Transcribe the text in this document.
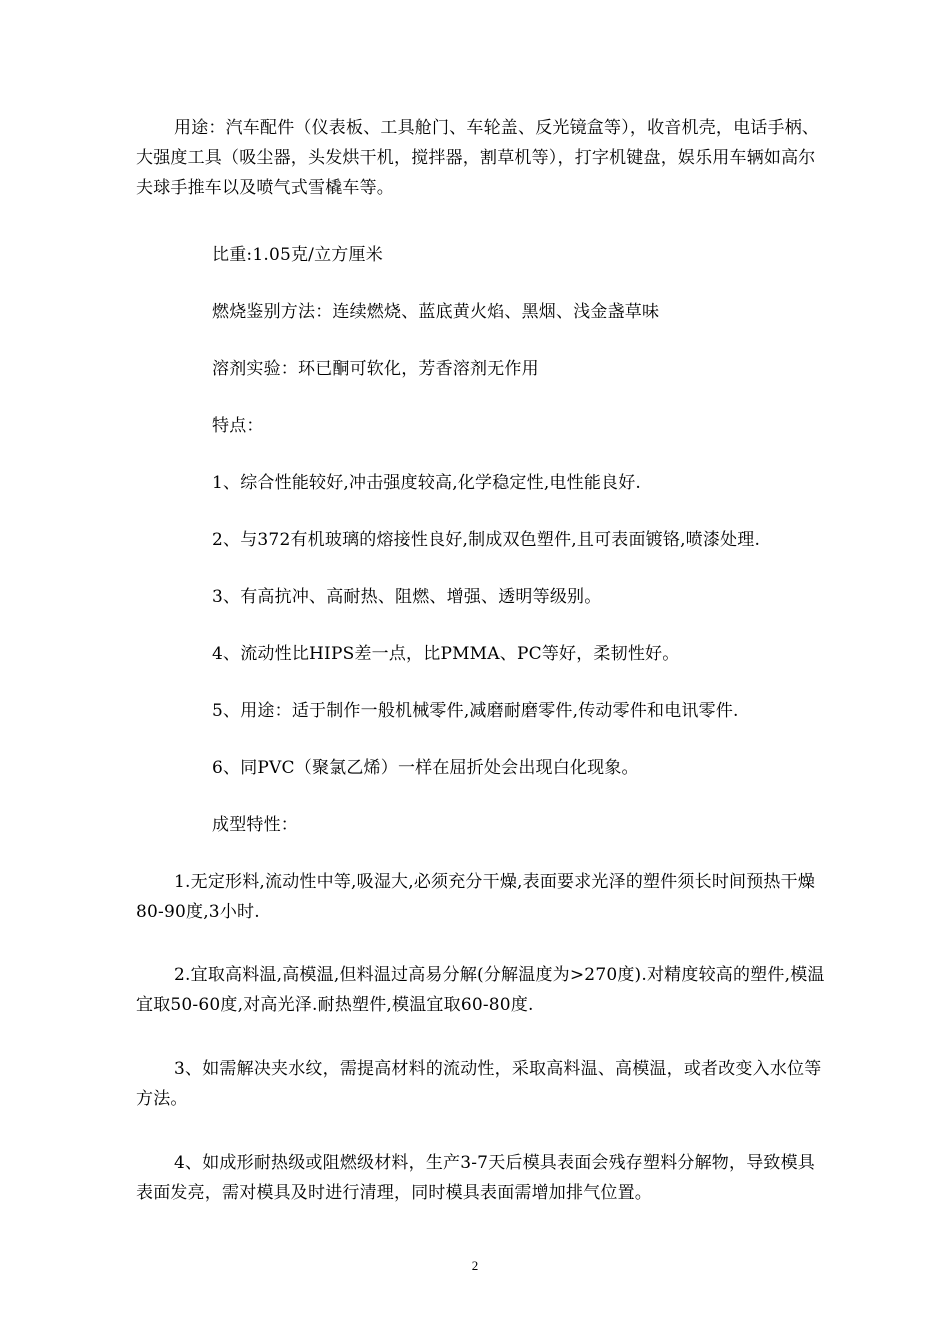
用途：汽车配件（仪表板、工具舱门、车轮盖、反光镜盒等），收音机壳，电话手柄、大强度工具（吸尘器，头发烘干机，搅拌器，割草机等），打字机键盘，娱乐用车辆如高尔夫球手推车以及喷气式雪橇车等。

比重:1.05克/立方厘米

燃烧鉴别方法：连续燃烧、蓝底黄火焰、黑烟、浅金盏草味

溶剂实验：环已酮可软化，芳香溶剂无作用

特点：

1、综合性能较好,冲击强度较高,化学稳定性,电性能良好.

2、与372有机玻璃的熔接性良好,制成双色塑件,且可表面镀铬,喷漆处理.

3、有高抗冲、高耐热、阻燃、增强、透明等级别。

4、流动性比HIPS差一点，比PMMA、PC等好，柔韧性好。

5、用途：适于制作一般机械零件,减磨耐磨零件,传动零件和电讯零件.

6、同PVC（聚氯乙烯）一样在屈折处会出现白化现象。

成型特性：

1.无定形料,流动性中等,吸湿大,必须充分干燥,表面要求光泽的塑件须长时间预热干燥80-90度,3小时.

2.宜取高料温,高模温,但料温过高易分解(分解温度为>270度).对精度较高的塑件,模温宜取50-60度,对高光泽.耐热塑件,模温宜取60-80度.

3、如需解决夹水纹，需提高材料的流动性，采取高料温、高模温，或者改变入水位等方法。

4、如成形耐热级或阻燃级材料，生产3-7天后模具表面会残存塑料分解物，导致模具表面发亮，需对模具及时进行清理，同时模具表面需增加排气位置。

2
